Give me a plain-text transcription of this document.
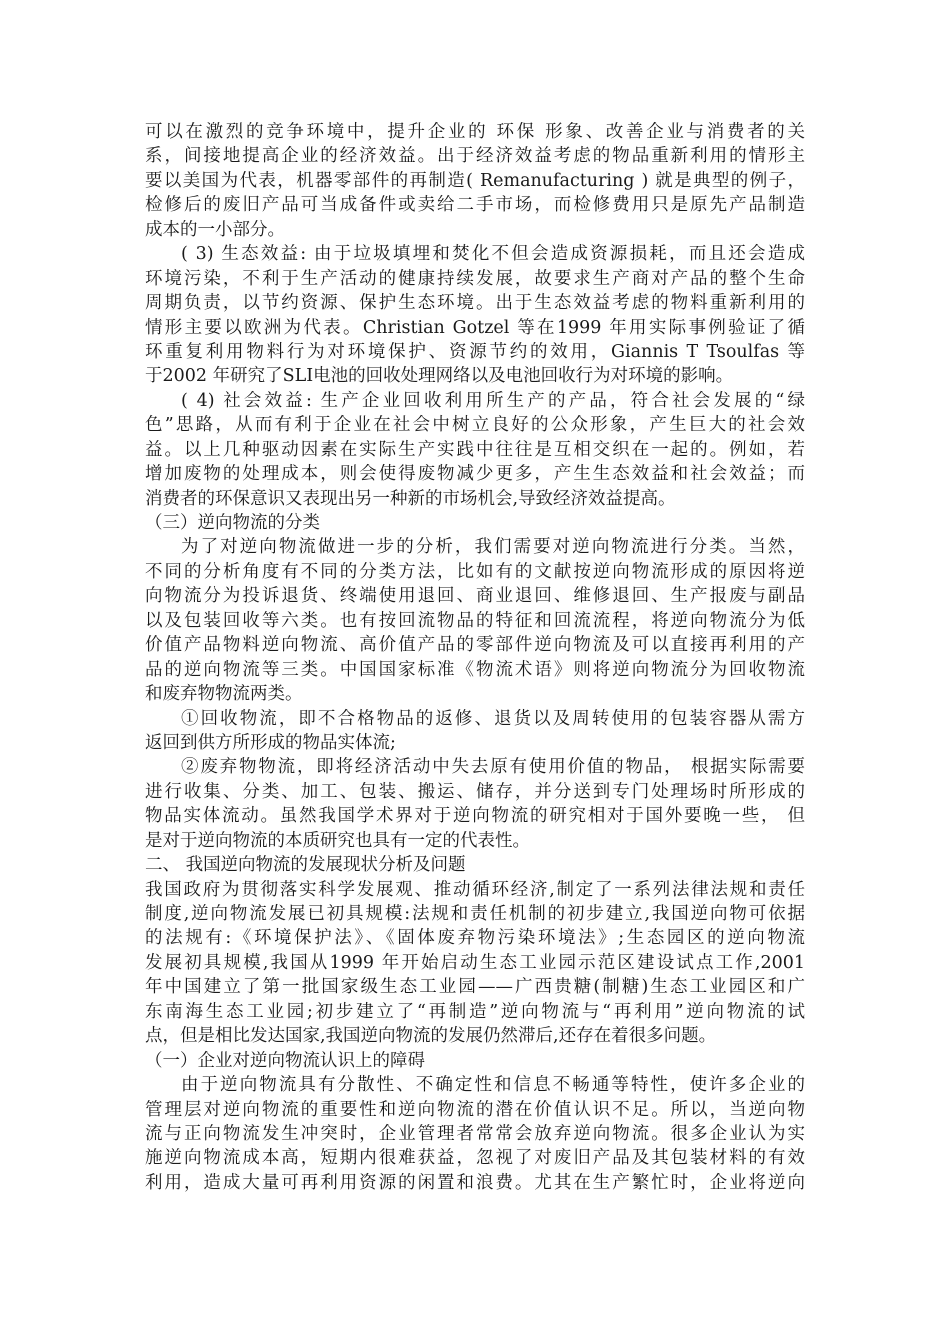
可以在激烈的竞争环境中，提升企业的 环保 形象、改善企业与消费者的关
系，间接地提高企业的经济效益。出于经济效益考虑的物品重新利用的情形主
要以美国为代表，机器零部件的再制造( Remanufacturing ) 就是典型的例子，
检修后的废旧产品可当成备件或卖给二手市场，而检修费用只是原先产品制造
成本的一小部分。
( 3) 生态效益: 由于垃圾填埋和焚化不但会造成资源损耗，而且还会造成
环境污染，不利于生产活动的健康持续发展，故要求生产商对产品的整个生命
周期负责，以节约资源、保护生态环境。出于生态效益考虑的物料重新利用的
情形主要以欧洲为代表。Christian Gotzel 等在1999 年用实际事例验证了循
环重复利用物料行为对环境保护、资源节约的效用，Giannis T Tsoulfas 等
于2002 年研究了SLI电池的回收处理网络以及电池回收行为对环境的影响。
( 4) 社会效益: 生产企业回收利用所生产的产品，符合社会发展的“绿
色”思路，从而有利于企业在社会中树立良好的公众形象，产生巨大的社会效
益。以上几种驱动因素在实际生产实践中往往是互相交织在一起的。例如，若
增加废物的处理成本，则会使得废物减少更多，产生生态效益和社会效益；而
消费者的环保意识又表现出另一种新的市场机会,导致经济效益提高。
（三）逆向物流的分类
为了对逆向物流做进一步的分析，我们需要对逆向物流进行分类。当然，
不同的分析角度有不同的分类方法，比如有的文献按逆向物流形成的原因将逆
向物流分为投诉退货、终端使用退回、商业退回、维修退回、生产报废与副品
以及包装回收等六类。也有按回流物品的特征和回流流程，将逆向物流分为低
价值产品物料逆向物流、高价值产品的零部件逆向物流及可以直接再利用的产
品的逆向物流等三类。中国国家标准《物流术语》则将逆向物流分为回收物流
和废弃物物流两类。
①回收物流，即不合格物品的返修、退货以及周转使用的包装容器从需方
返回到供方所形成的物品实体流;
②废弃物物流，即将经济活动中失去原有使用价值的物品， 根据实际需要
进行收集、分类、加工、包装、搬运、储存，并分送到专门处理场时所形成的
物品实体流动。虽然我国学术界对于逆向物流的研究相对于国外要晚一些， 但
是对于逆向物流的本质研究也具有一定的代表性。
二、 我国逆向物流的发展现状分析及问题
我国政府为贯彻落实科学发展观、推动循环经济,制定了一系列法律法规和责任
制度,逆向物流发展已初具规模:法规和责任机制的初步建立,我国逆向物可依据
的法规有:《环境保护法》、《固体废弃物污染环境法》;生态园区的逆向物流
发展初具规模,我国从1999 年开始启动生态工业园示范区建设试点工作,2001
年中国建立了第一批国家级生态工业园——广西贵糖(制糖)生态工业园区和广
东南海生态工业园;初步建立了“再制造”逆向物流与“再利用”逆向物流的试
点，但是相比发达国家,我国逆向物流的发展仍然滞后,还存在着很多问题。
（一）企业对逆向物流认识上的障碍
由于逆向物流具有分散性、不确定性和信息不畅通等特性，使许多企业的
管理层对逆向物流的重要性和逆向物流的潜在价值认识不足。所以，当逆向物
流与正向物流发生冲突时，企业管理者常常会放弃逆向物流。很多企业认为实
施逆向物流成本高，短期内很难获益，忽视了对废旧产品及其包装材料的有效
利用，造成大量可再利用资源的闲置和浪费。尤其在生产繁忙时，企业将逆向
